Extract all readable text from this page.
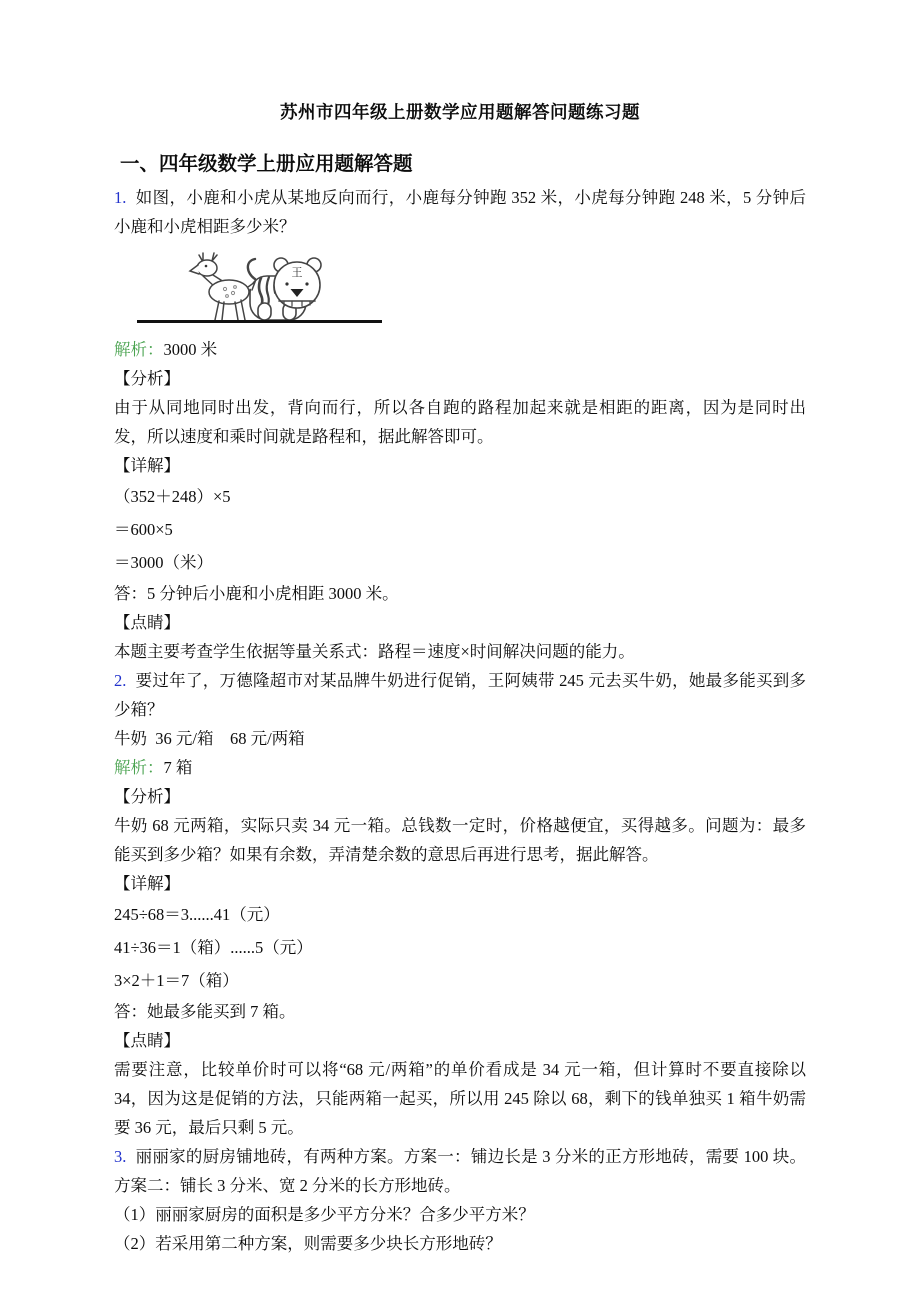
苏州市四年级上册数学应用题解答问题练习题
一、四年级数学上册应用题解答题

1. 如图，小鹿和小虎从某地反向而行，小鹿每分钟跑 352 米，小虎每分钟跑 248 米，5 分钟后小鹿和小虎相距多少米？

王

解析：3000 米

【分析】

由于从同地同时出发，背向而行，所以各自跑的路程加起来就是相距的距离，因为是同时出发，所以速度和乘时间就是路程和，据此解答即可。

【详解】

（352＋248）×5

＝600×5

＝3000（米）

答：5 分钟后小鹿和小虎相距 3000 米。

【点睛】

本题主要考查学生依据等量关系式：路程＝速度×时间解决问题的能力。

2. 要过年了，万德隆超市对某品牌牛奶进行促销，王阿姨带 245 元去买牛奶，她最多能买到多少箱？

牛奶  36 元/箱    68 元/两箱

解析：7 箱

【分析】

牛奶 68 元两箱，实际只卖 34 元一箱。总钱数一定时，价格越便宜，买得越多。问题为：最多能买到多少箱？如果有余数，弄清楚余数的意思后再进行思考，据此解答。

【详解】

245÷68＝3......41（元）

41÷36＝1（箱）......5（元）

3×2＋1＝7（箱）

答：她最多能买到 7 箱。

【点睛】

需要注意，比较单价时可以将“68 元/两箱”的单价看成是 34 元一箱，但计算时不要直接除以 34，因为这是促销的方法，只能两箱一起买，所以用 245 除以 68，剩下的钱单独买 1 箱牛奶需要 36 元，最后只剩 5 元。

3. 丽丽家的厨房铺地砖，有两种方案。方案一：铺边长是 3 分米的正方形地砖，需要 100 块。方案二：铺长 3 分米、宽 2 分米的长方形地砖。

（1）丽丽家厨房的面积是多少平方分米？合多少平方米？

（2）若采用第二种方案，则需要多少块长方形地砖？
